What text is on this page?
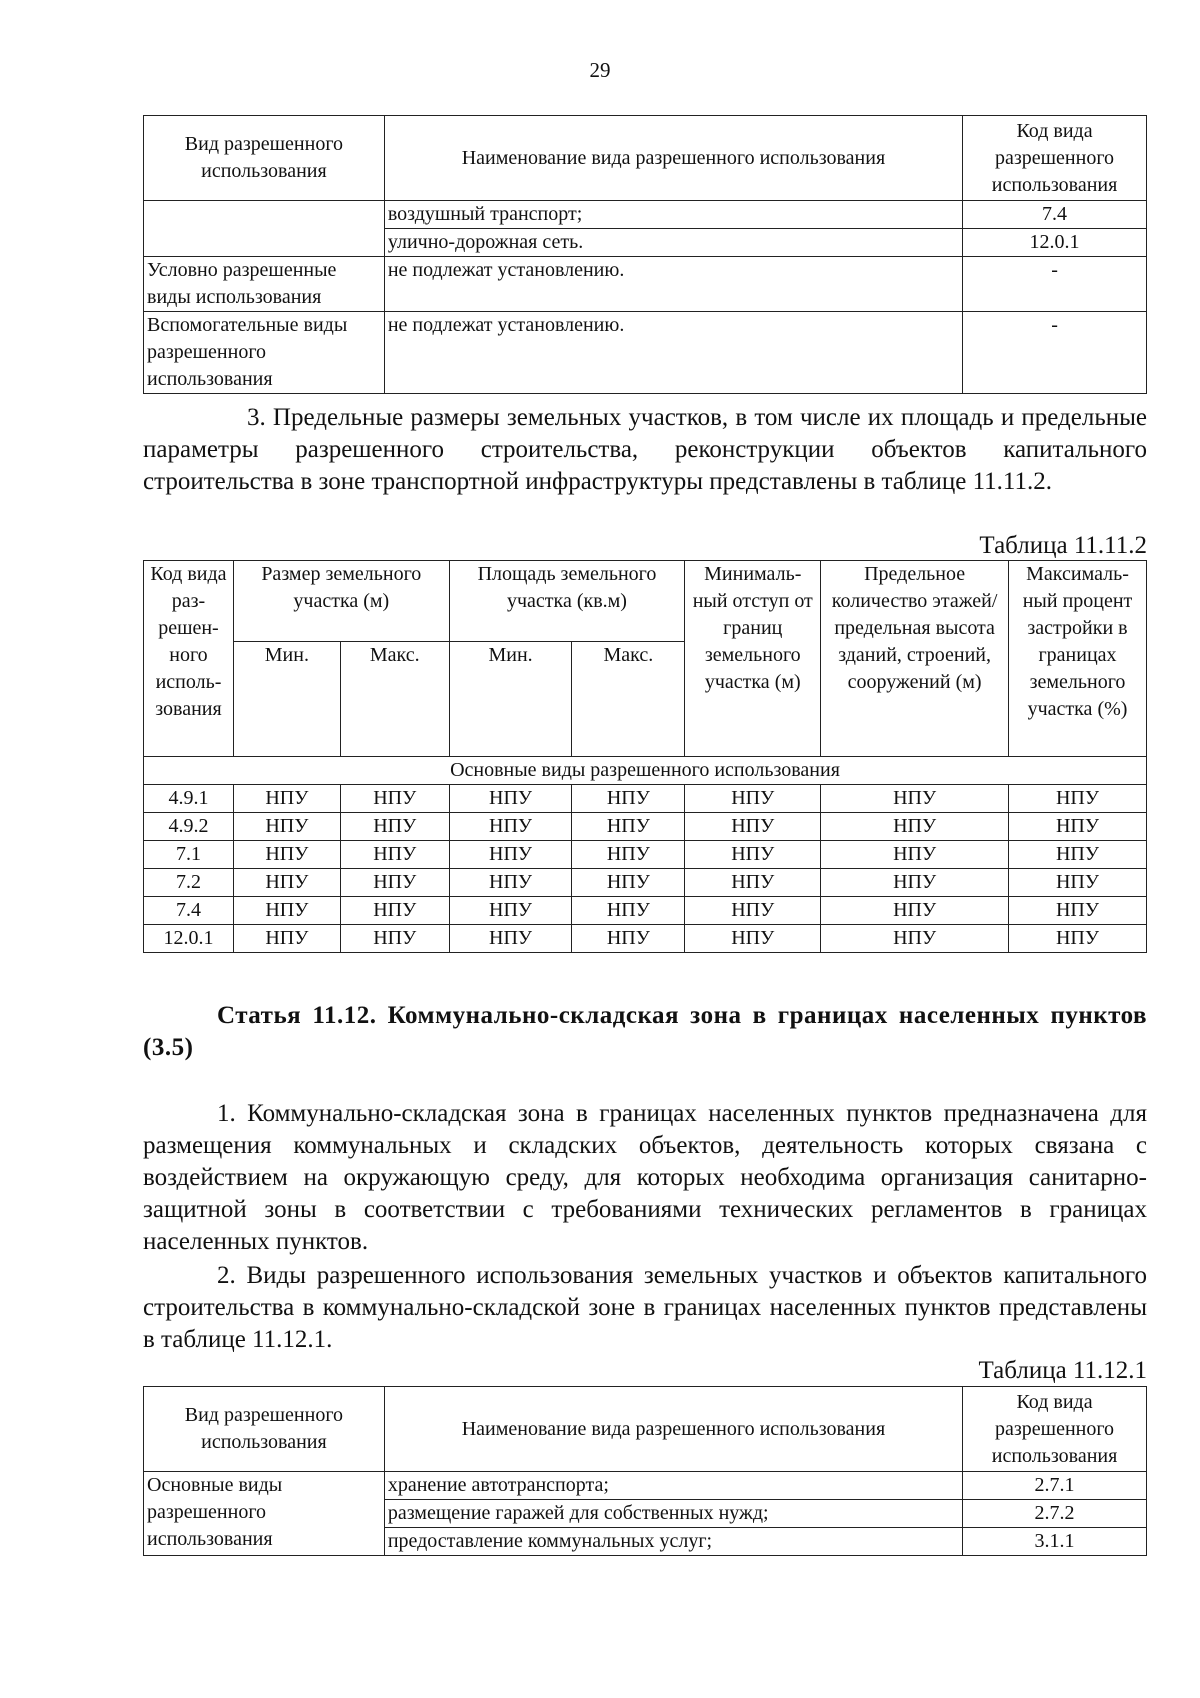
29
Вид разрешенного использования	Наименование вида разрешенного использования	Код вида разрешенного использования
	воздушный транспорт;	7.4
	улично-дорожная сеть.	12.0.1
Условно разрешенные виды использования	не подлежат установлению.	-
Вспомогательные виды разрешенного использования	не подлежат установлению.	-
3. Предельные размеры земельных участков, в том числе их площадь и предельные параметры разрешенного строительства, реконструкции объектов капитального строительства в зоне транспортной инфраструктуры представлены в таблице 11.11.2.
Таблица 11.11.2
Код вида раз-решен-ного исполь-зования	Размер земельного участка (м)		Площадь земельного участка (кв.м)		Минималь-ный отступ от границ земельного участка (м)	Предельное количество этажей/ предельная высота зданий, строений, сооружений (м)	Максималь-ный процент застройки в границах земельного участка (%)
	Мин.	Макс.	Мин.	Макс.			
Основные виды разрешенного использования							
4.9.1	НПУ	НПУ	НПУ	НПУ	НПУ	НПУ	НПУ
4.9.2	НПУ	НПУ	НПУ	НПУ	НПУ	НПУ	НПУ
7.1	НПУ	НПУ	НПУ	НПУ	НПУ	НПУ	НПУ
7.2	НПУ	НПУ	НПУ	НПУ	НПУ	НПУ	НПУ
7.4	НПУ	НПУ	НПУ	НПУ	НПУ	НПУ	НПУ
12.0.1	НПУ	НПУ	НПУ	НПУ	НПУ	НПУ	НПУ
Статья 11.12. Коммунально-складская зона в границах населенных пунктов (3.5)
1. Коммунально-складская зона в границах населенных пунктов предназначена для размещения коммунальных и складских объектов, деятельность которых связана с воздействием на окружающую среду, для которых необходима организация санитарно-защитной зоны в соответствии с требованиями технических регламентов в границах населенных пунктов.
2. Виды разрешенного использования земельных участков и объектов капитального строительства в коммунально-складской зоне в границах населенных пунктов представлены в таблице 11.12.1.
Таблица 11.12.1
Вид разрешенного использования	Наименование вида разрешенного использования	Код вида разрешенного использования
Основные виды разрешенного использования	хранение автотранспорта;	2.7.1
	размещение гаражей для собственных нужд;	2.7.2
	предоставление коммунальных услуг;	3.1.1
